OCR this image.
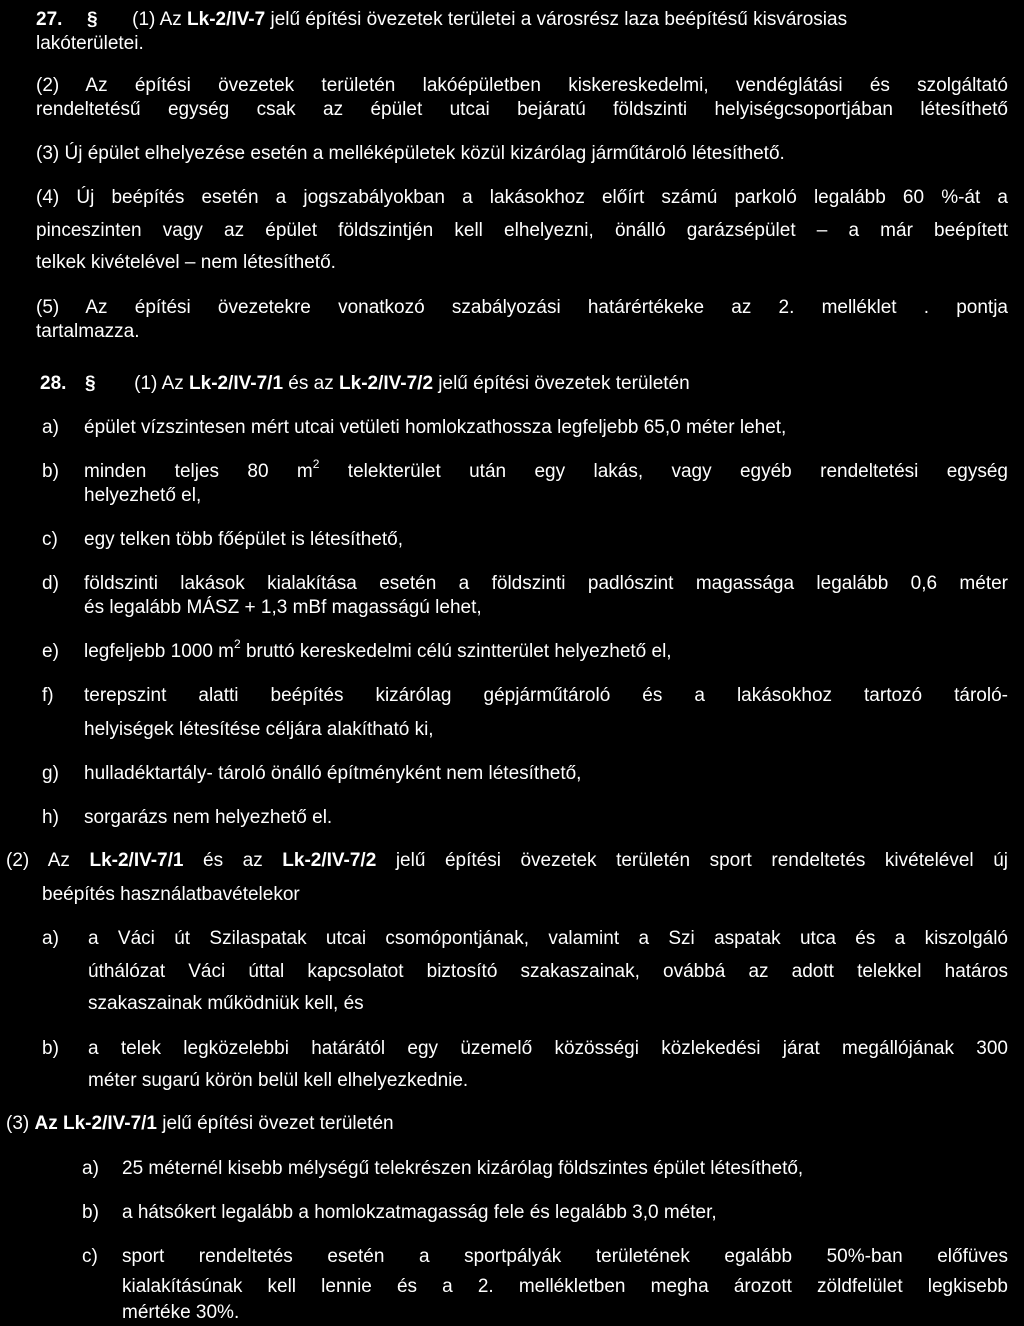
27. § (1) Az Lk-2/IV-7 jelű építési övezetek területei a városrész laza beépítésű kisvárosias
lakóterületei.
(2) Az építési övezetek területén lakóépületben kiskereskedelmi, vendéglátási és szolgáltató
rendeltetésű egység csak az épület utcai bejáratú földszinti helyiségcsoportjában létesíthető
(3) Új épület elhelyezése esetén a melléképületek közül kizárólag járműtároló létesíthető.
(4) Új beépítés esetén a jogszabályokban a lakásokhoz előírt számú parkoló legalább 60 %-át a
pinceszinten vagy az épület földszintjén kell elhelyezni, önálló garázsépület – a már beépített
telkek kivételével – nem létesíthető.
(5) Az építési övezetekre vonatkozó szabályozási határértékeke az 2. melléklet . pontja
tartalmazza.
28. § (1) Az Lk-2/IV-7/1 és az Lk-2/IV-7/2 jelű építési övezetek területén
a) épület vízszintesen mért utcai vetületi homlokzathossza legfeljebb 65,0 méter lehet,
b) minden teljes 80 $m^2$ telekterület után egy lakás, vagy egyéb rendeltetési egység
helyezhető el,
c) egy telken több főépület is létesíthető,
d) földszinti lakások kialakítása esetén a földszinti padlószint magassága legalább 0,6 méter
és legalább MÁSZ + 1,3 mBf magasságú lehet,
e) legfeljebb 1000 $m^2$ bruttó kereskedelmi célú szintterület helyezhető el,
f) terepszint alatti beépítés kizárólag gépjárműtároló és a lakásokhoz tartozó tároló-
helyiségek létesítése céljára alakítható ki,
g) hulladéktartály- tároló önálló építményként nem létesíthető,
h) sorgarázs nem helyezhető el.
(2) Az Lk-2/IV-7/1 és az Lk-2/IV-7/2 jelű építési övezetek területén sport rendeltetés kivételével új
beépítés használatbavételekor
a) a Váci út Szilaspatak utcai csomópontjának, valamint a Szi aspatak utca és a kiszolgáló
úthálózat Váci úttal kapcsolatot biztosító szakaszainak, ovábbá az adott telekkel határos
szakaszainak működniük kell, és
b) a telek legközelebbi határától egy üzemelő közösségi közlekedési járat megállójának 300
méter sugarú körön belül kell elhelyezkednie.
(3) Az Lk-2/IV-7/1 jelű építési övezet területén
a) 25 méternél kisebb mélységű telekrészen kizárólag földszintes épület létesíthető,
b) a hátsókert legalább a homlokzatmagasság fele és legalább 3,0 méter,
c) sport rendeltetés esetén a sportpályák területének egalább 50%-ban előfüves
kialakításúnak kell lennie és a 2. mellékletben megha ározott zöldfelület legkisebb
mértéke 30%.
